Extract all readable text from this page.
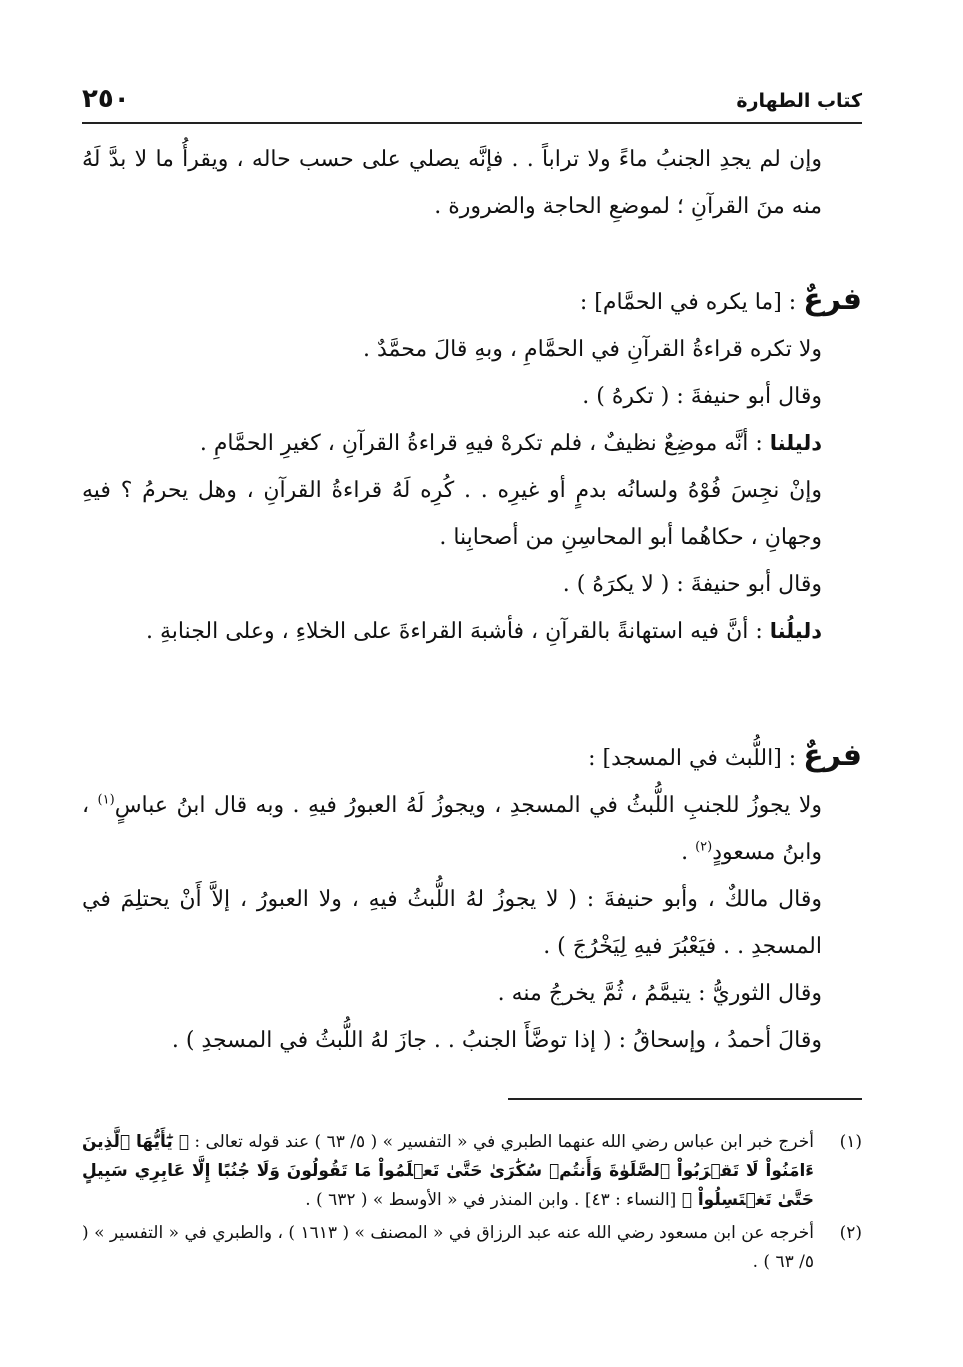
كتاب الطهارة
٢٥٠

وإن لم يجدِ الجنبُ ماءً ولا تراباً . . فإنَّه يصلي على حسب حاله ، ويقرأُ ما لا بدَّ لَهُ منه منَ القرآنِ ؛ لموضعِ الحاجة والضرورة .

فرعٌ : [ما يكره في الحمَّام] :

ولا تكره قراءةُ القرآنِ في الحمَّامِ ، وبهِ قالَ محمَّدٌ .

وقال أبو حنيفةَ : ( تكرهُ ) .

دليلنا : أنَّه موضِعٌ نظيفٌ ، فلم تكرهْ فيهِ قراءةُ القرآنِ ، كغيرِ الحمَّامِ .

وإنْ نجِسَ فُوْهُ ولسانُه بدمٍ أو غيرِه . . كُرِه لَهُ قراءةُ القرآنِ ، وهل يحرمُ ؟ فيهِ وجهانِ ، حكاهُما أبو المحاسِنِ من أصحابِنا .

وقال أبو حنيفةَ : ( لا يكرَهُ ) .

دليلُنا : أنَّ فيه استهانةً بالقرآنِ ، فأشبهَ القراءةَ على الخلاءِ ، وعلى الجنابةِ .

فرعٌ : [اللُّبث في المسجد] :

ولا يجوزُ للجنبِ اللُّبثُ في المسجدِ ، ويجوزُ لَهُ العبورُ فيهِ . وبه قال ابنُ عباسٍ$^{(١)}$ ، وابنُ مسعودٍ$^{(٢)}$ .

وقال مالكٌ ، وأبو حنيفةَ : ( لا يجوزُ لهُ اللُّبثُ فيهِ ، ولا العبورُ ، إلاَّ أَنْ يحتلِمَ في المسجدِ . . فيَعْبُرَ فيهِ لِيَخْرُجَ ) .

وقال الثوريُّ : يتيمَّمُ ، ثُمَّ يخرجُ منه .

وقالَ أحمدُ ، وإسحاقُ : ( إذا توضَّأَ الجنبُ . . جازَ لهُ اللُّبثُ في المسجدِ ) .

(١)
أخرج خبر ابن عباس رضي الله عنهما الطبري في « التفسير » ( ٥/ ٦٣ ) عند قوله تعالى : ﴿ يَٰٓأَيُّهَا ٱلَّذِينَ ءَامَنُواْ لَا تَقۡرَبُواْ ٱلصَّلَوٰةَ وَأَنتُمۡ سُكَٰرَىٰ حَتَّىٰ تَعۡلَمُواْ مَا تَقُولُونَ وَلَا جُنُبًا إِلَّا عَابِرِي سَبِيلٍ حَتَّىٰ تَغۡتَسِلُواْ ﴾ [النساء : ٤٣] . وابن المنذر في « الأوسط » ( ٦٣٢ ) .

(٢)
أخرجه عن ابن مسعود رضي الله عنه عبد الرزاق في « المصنف » ( ١٦١٣ ) ، والطبري في « التفسير » ( ٥/ ٦٣ ) .
